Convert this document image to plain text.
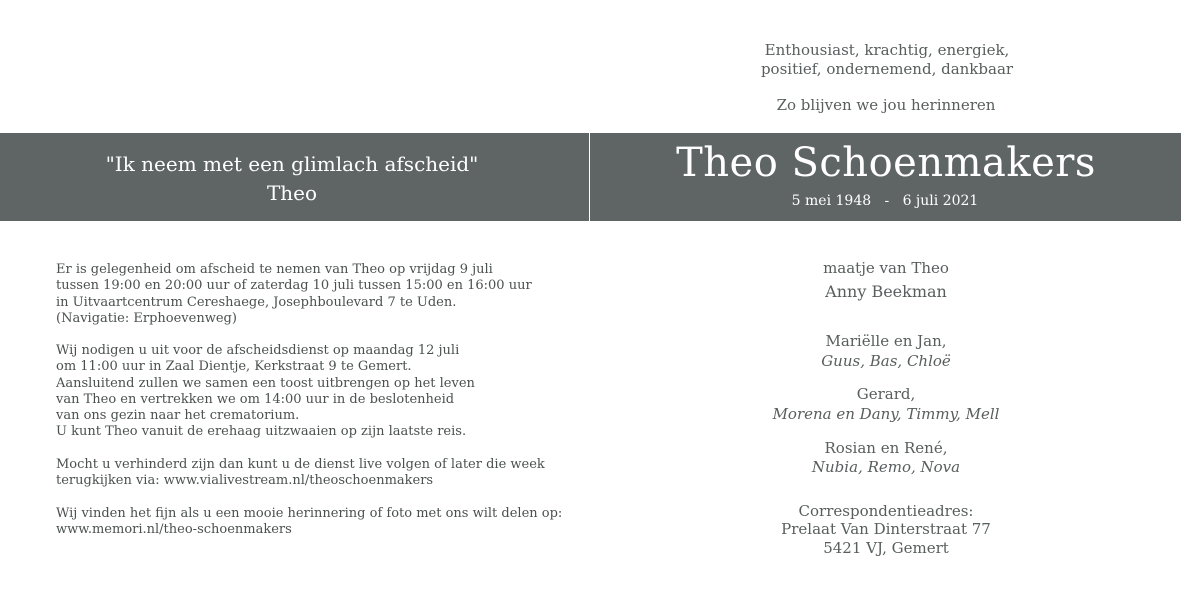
Enthousiast, krachtig, energiek,
positief, ondernemend, dankbaar
Zo blijven we jou herinneren
"Ik neem met een glimlach afscheid"
Theo
Theo Schoenmakers
5 mei 1948   -   6 juli 2021
Er is gelegenheid om afscheid te nemen van Theo op vrijdag 9 juli
tussen 19:00 en 20:00 uur of zaterdag 10 juli tussen 15:00 en 16:00 uur
in Uitvaartcentrum Cereshaege, Josephboulevard 7 te Uden.
(Navigatie: Erphoevenweg)
Wij nodigen u uit voor de afscheidsdienst op maandag 12 juli
om 11:00 uur in Zaal Dientje, Kerkstraat 9 te Gemert.
Aansluitend zullen we samen een toost uitbrengen op het leven
van Theo en vertrekken we om 14:00 uur in de beslotenheid
van ons gezin naar het crematorium.
U kunt Theo vanuit de erehaag uitzwaaien op zijn laatste reis.
Mocht u verhinderd zijn dan kunt u de dienst live volgen of later die week
terugkijken via: www.vialivestream.nl/theoschoenmakers
Wij vinden het fijn als u een mooie herinnering of foto met ons wilt delen op:
www.memori.nl/theo-schoenmakers
maatje van Theo
Anny Beekman
Mariëlle en Jan,
Guus, Bas, Chloë
Gerard,
Morena en Dany, Timmy, Mell
Rosian en René,
Nubia, Remo, Nova
Correspondentieadres:
Prelaat Van Dinterstraat 77
5421 VJ, Gemert
